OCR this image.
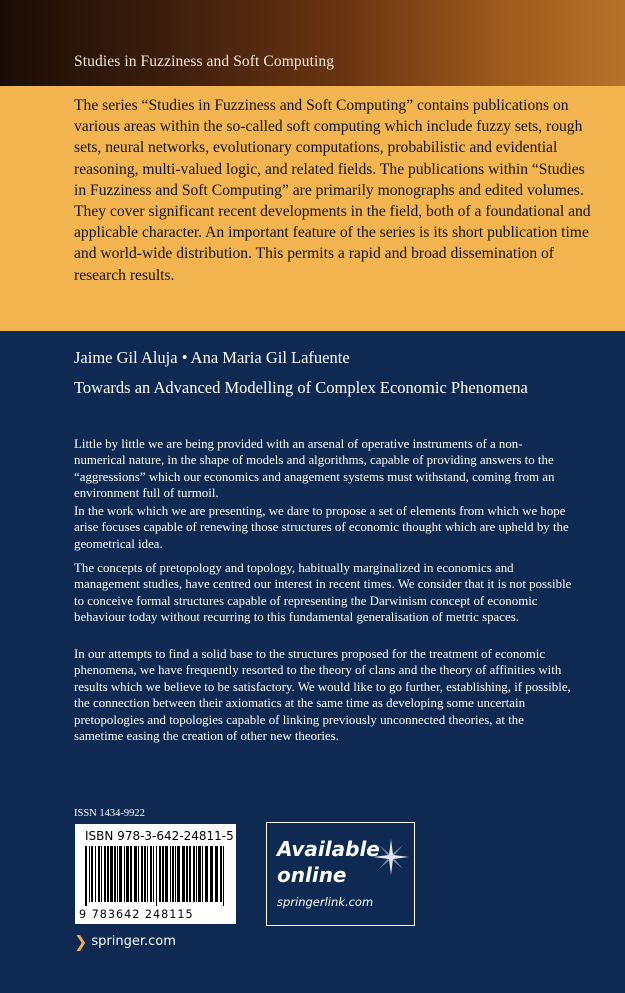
Studies in Fuzziness and Soft Computing

The series “Studies in Fuzziness and Soft Computing” contains publications on various areas within the so-called soft computing which include fuzzy sets, rough sets, neural networks, evolutionary computations, probabilistic and evidential reasoning, multi-valued logic, and related fields. The publications within “Studies in Fuzziness and Soft Computing” are primarily monographs and edited volumes. They cover significant recent developments in the field, both of a foundational and applicable character. An important feature of the series is its short publication time and world-wide distribution. This permits a rapid and broad dissemination of research results.

Jaime Gil Aluja • Ana Maria Gil Lafuente
Towards an Advanced Modelling of Complex Economic Phenomena

Little by little we are being provided with an arsenal of operative instruments of a non-numerical nature, in the shape of models and algorithms, capable of providing answers to the “aggressions” which our economics and anagement systems must withstand, coming from an environment full of turmoil.

In the work which we are presenting, we dare to propose a set of elements from which we hope arise focuses capable of renewing those structures of economic thought which are upheld by the geometrical idea.

The concepts of pretopology and topology, habitually marginalized in economics and management studies, have centred our interest in recent times. We consider that it is not possible to conceive formal structures capable of representing the Darwinism concept of economic behaviour today without recurring to this fundamental generalisation of metric spaces.

In our attempts to find a solid base to the structures proposed for the treatment of economic phenomena, we have frequently resorted to the theory of clans and the theory of affinities with results which we believe to be satisfactory. We would like to go further, establishing, if possible, the connection between their axiomatics at the same time as developing some uncertain pretopologies and topologies capable of linking previously unconnected theories, at the sametime easing the creation of other new theories.

ISSN 1434-9922
ISBN 978-3-642-24811-5
9 783642 248115
Available
online
springerlink.com
❯ springer.com
